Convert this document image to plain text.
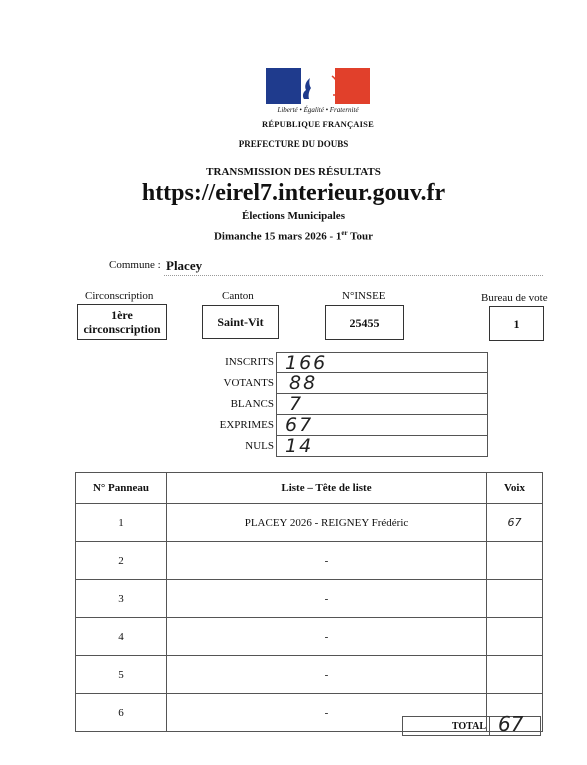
Liberté • Égalité • Fraternité
RÉPUBLIQUE FRANÇAISE
PREFECTURE DU DOUBS
TRANSMISSION DES RÉSULTATS
https://eirel7.interieur.gouv.fr
Élections Municipales
Dimanche 15 mars 2026 - 1er Tour
Commune : Placey
Circonscription
1ère circonscription
Canton
Saint-Vit
N°INSEE
25455
Bureau de vote
1
INSCRITS 166
VOTANTS 88
BLANCS 7
EXPRIMES 67
NULS 14
N° Panneau	Liste – Tête de liste	Voix
1	PLACEY 2026 - REIGNEY Frédéric	67
2	-	
3	-	
4	-	
5	-	
6	-	
TOTAL 67
